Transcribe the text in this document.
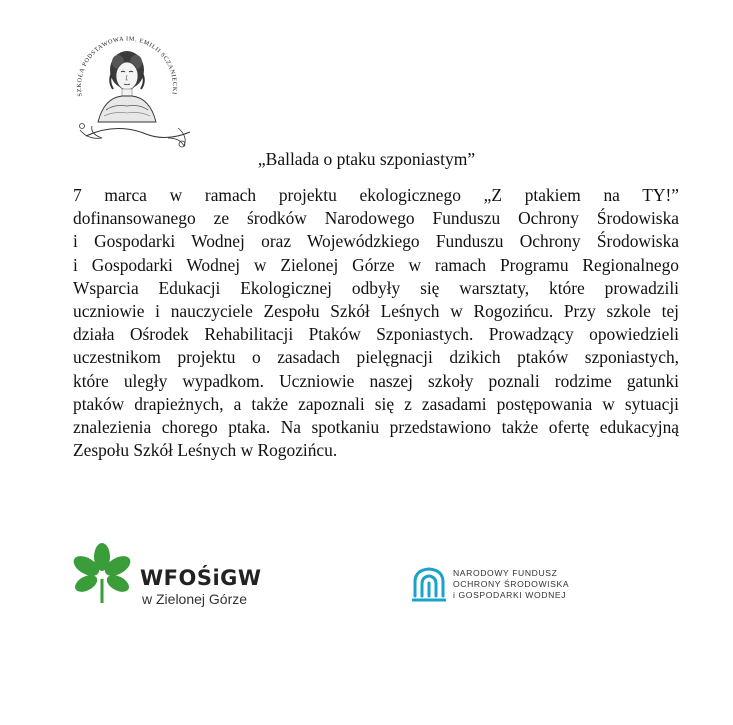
SZKOŁA PODSTAWOWA IM. EMILII SCZANIECKI
„Ballada o ptaku szponiastym”
7 marca w ramach projektu ekologicznego „Z ptakiem na TY!”
dofinansowanego ze środków Narodowego Funduszu Ochrony Środowiska
i Gospodarki Wodnej oraz Wojewódzkiego Funduszu Ochrony Środowiska
i Gospodarki Wodnej w Zielonej Górze w ramach Programu Regionalnego
Wsparcia Edukacji Ekologicznej odbyły się warsztaty, które prowadzili
uczniowie i nauczyciele Zespołu Szkół Leśnych w Rogozińcu. Przy szkole tej
działa Ośrodek Rehabilitacji Ptaków Szponiastych. Prowadzący opowiedzieli
uczestnikom projektu o zasadach pielęgnacji dzikich ptaków szponiastych,
które uległy wypadkom. Uczniowie naszej szkoły poznali rodzime gatunki
ptaków drapieżnych, a także zapoznali się z zasadami postępowania w sytuacji
znalezienia chorego ptaka. Na spotkaniu przedstawiono także ofertę edukacyjną
Zespołu Szkół Leśnych w Rogozińcu.
WFOŚiGW
w Zielonej Górze
NARODOWY FUNDUSZ
OCHRONY ŚRODOWISKA
i GOSPODARKI WODNEJ
